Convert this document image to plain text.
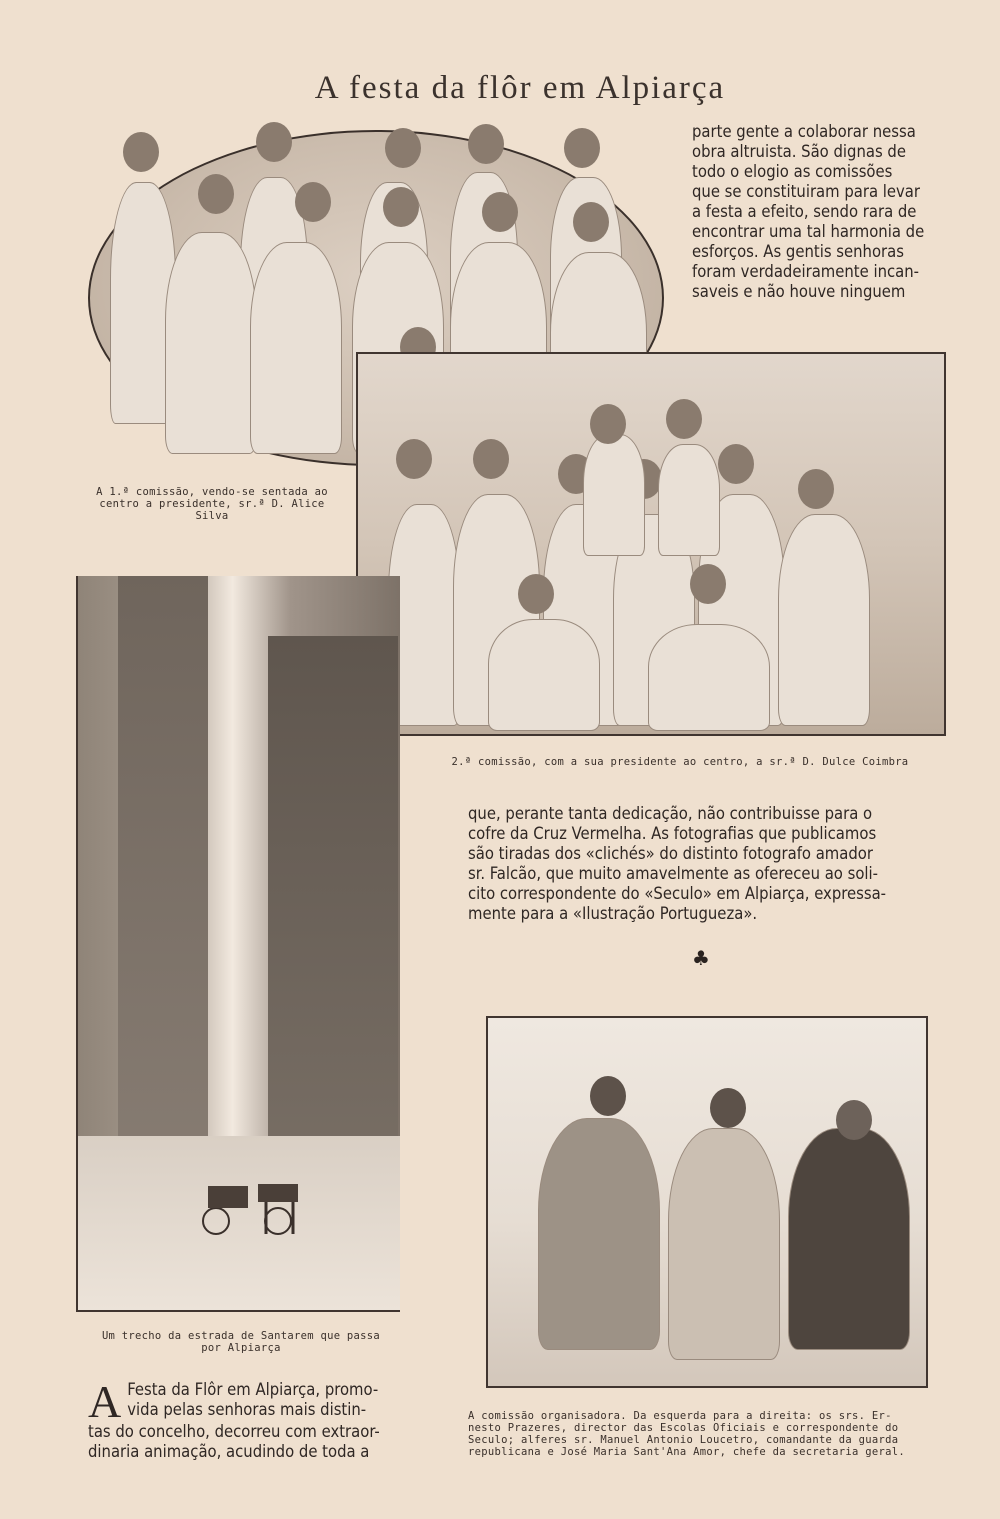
A festa da flôr em Alpiarça
parte gente a colaborar nessa
obra altruista. São dignas de
todo o elogio as comissões
que se constituiram para levar
a festa a efeito, sendo rara de
encontrar uma tal harmonia de
esforços. As gentis senhoras
foram verdadeiramente incan-
saveis e não houve ninguem
A 1.ª comissão, vendo-se sentada ao
centro a presidente, sr.ª D. Alice
Silva
2.ª comissão, com a sua presidente ao centro, a sr.ª D. Dulce Coimbra
Um trecho da estrada de Santarem que passa
por Alpiarça
A Festa da Flôr em Alpiarça, promo-
vida pelas senhoras mais distin-
tas do concelho, decorreu com extraor-
dinaria animação, acudindo de toda a
que, perante tanta dedicação, não contribuisse para o
cofre da Cruz Vermelha. As fotografias que publicamos
são tiradas dos «clichés» do distinto fotografo amador
sr. Falcão, que muito amavelmente as ofereceu ao soli-
cito correspondente do «Seculo» em Alpiarça, expressa-
mente para a «Ilustração Portugueza».
♣
A comissão organisadora. Da esquerda para a direita: os srs. Er-
nesto Prazeres, director das Escolas Oficiais e correspondente do
Seculo; alferes sr. Manuel Antonio Loucetro, comandante da guarda
republicana e José Maria Sant'Ana Amor, chefe da secretaria geral.
